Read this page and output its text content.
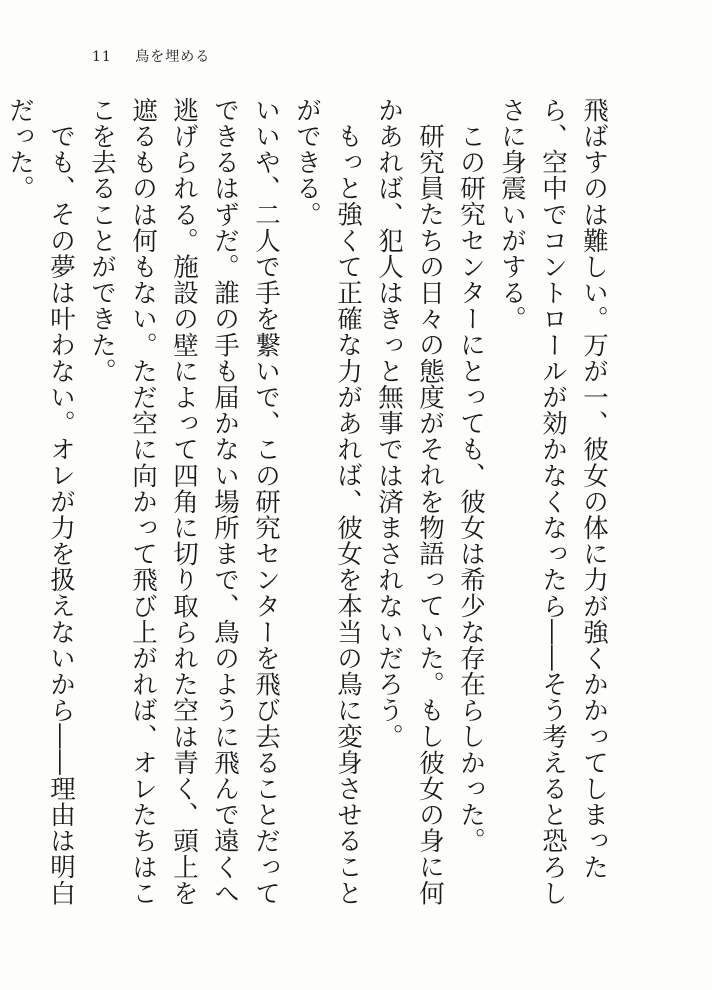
11 鳥を埋める

飛ばすのは難しい。万が一、彼女の体に力が強くかかってしまったら、空中でコントロールが効かなくなったら――そう考えると恐ろしさに身震いがする。

この研究センターにとっても、彼女は希少な存在らしかった。

研究員たちの日々の態度がそれを物語っていた。もし彼女の身に何かあれば、犯人はきっと無事では済まされないだろう。

もっと強くて正確な力があれば、彼女を本当の鳥に変身させることができる。

いいや、二人で手を繋いで、この研究センターを飛び去ることだってできるはずだ。誰の手も届かない場所まで、鳥のように飛んで遠くへ逃げられる。施設の壁によって四角に切り取られた空は青く、頭上を遮るものは何もない。ただ空に向かって飛び上がれば、オレたちはここを去ることができた。

でも、その夢は叶わない。オレが力を扱えないから――理由は明白だった。
